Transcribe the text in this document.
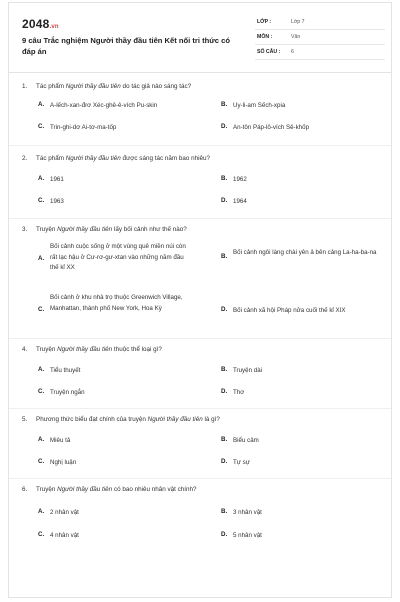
2048.vn
9 câu Trắc nghiệm Người thầy đầu tiên Kết nối tri thức có đáp án
LỚP :	Lớp 7
MÔN :	Văn
SỐ CÂU : 6
1. Tác phẩm Người thầy đầu tiên do tác giả nào sáng tác?
A. A-lếch-xan-đrơ Xéc-ghê-ê-vích Pu-skin	B. Uy-li-am Sếch-xpia
C. Trin-ghi-dơ Ai-tơ-ma-tốp	D. An-tôn Páp-lô-vích Sê-khốp
2. Tác phẩm Người thầy đầu tiên được sáng tác năm bao nhiêu?
A. 1961	B. 1962
C. 1963	D. 1964
3. Truyện Người thầy đầu tiên lấy bối cảnh như thế nào?
A.
Bối cảnh cuộc sống ở một vùng quê miền núi còn rất lạc hậu ở Cư-rơ-gư-xtan vào những năm đầu thế kỉ XX
B.
Bối cảnh ngôi làng chài yên ả bên cảng La-ha-ba-na
C.
Bối cảnh ở khu nhà trọ thuộc Greenwich Village, Manhattan, thành phố New York, Hoa Kỳ	D. Bối cảnh xã hội Pháp nửa cuối thế kỉ XIX
4. Truyện Người thầy đầu tiên thuộc thể loại gì?
A. Tiểu thuyết	B. Truyện dài
C. Truyện ngắn	D. Thơ
5. Phương thức biểu đạt chính của truyện Người thầy đầu tiên là gì?
A. Miêu tả	B. Biểu cảm
C. Nghị luận	D. Tự sự
6. Truyện Người thầy đầu tiên có bao nhiêu nhân vật chính?
A. 2 nhân vật	B. 3 nhân vật
C. 4 nhân vật	D. 5 nhân vật
